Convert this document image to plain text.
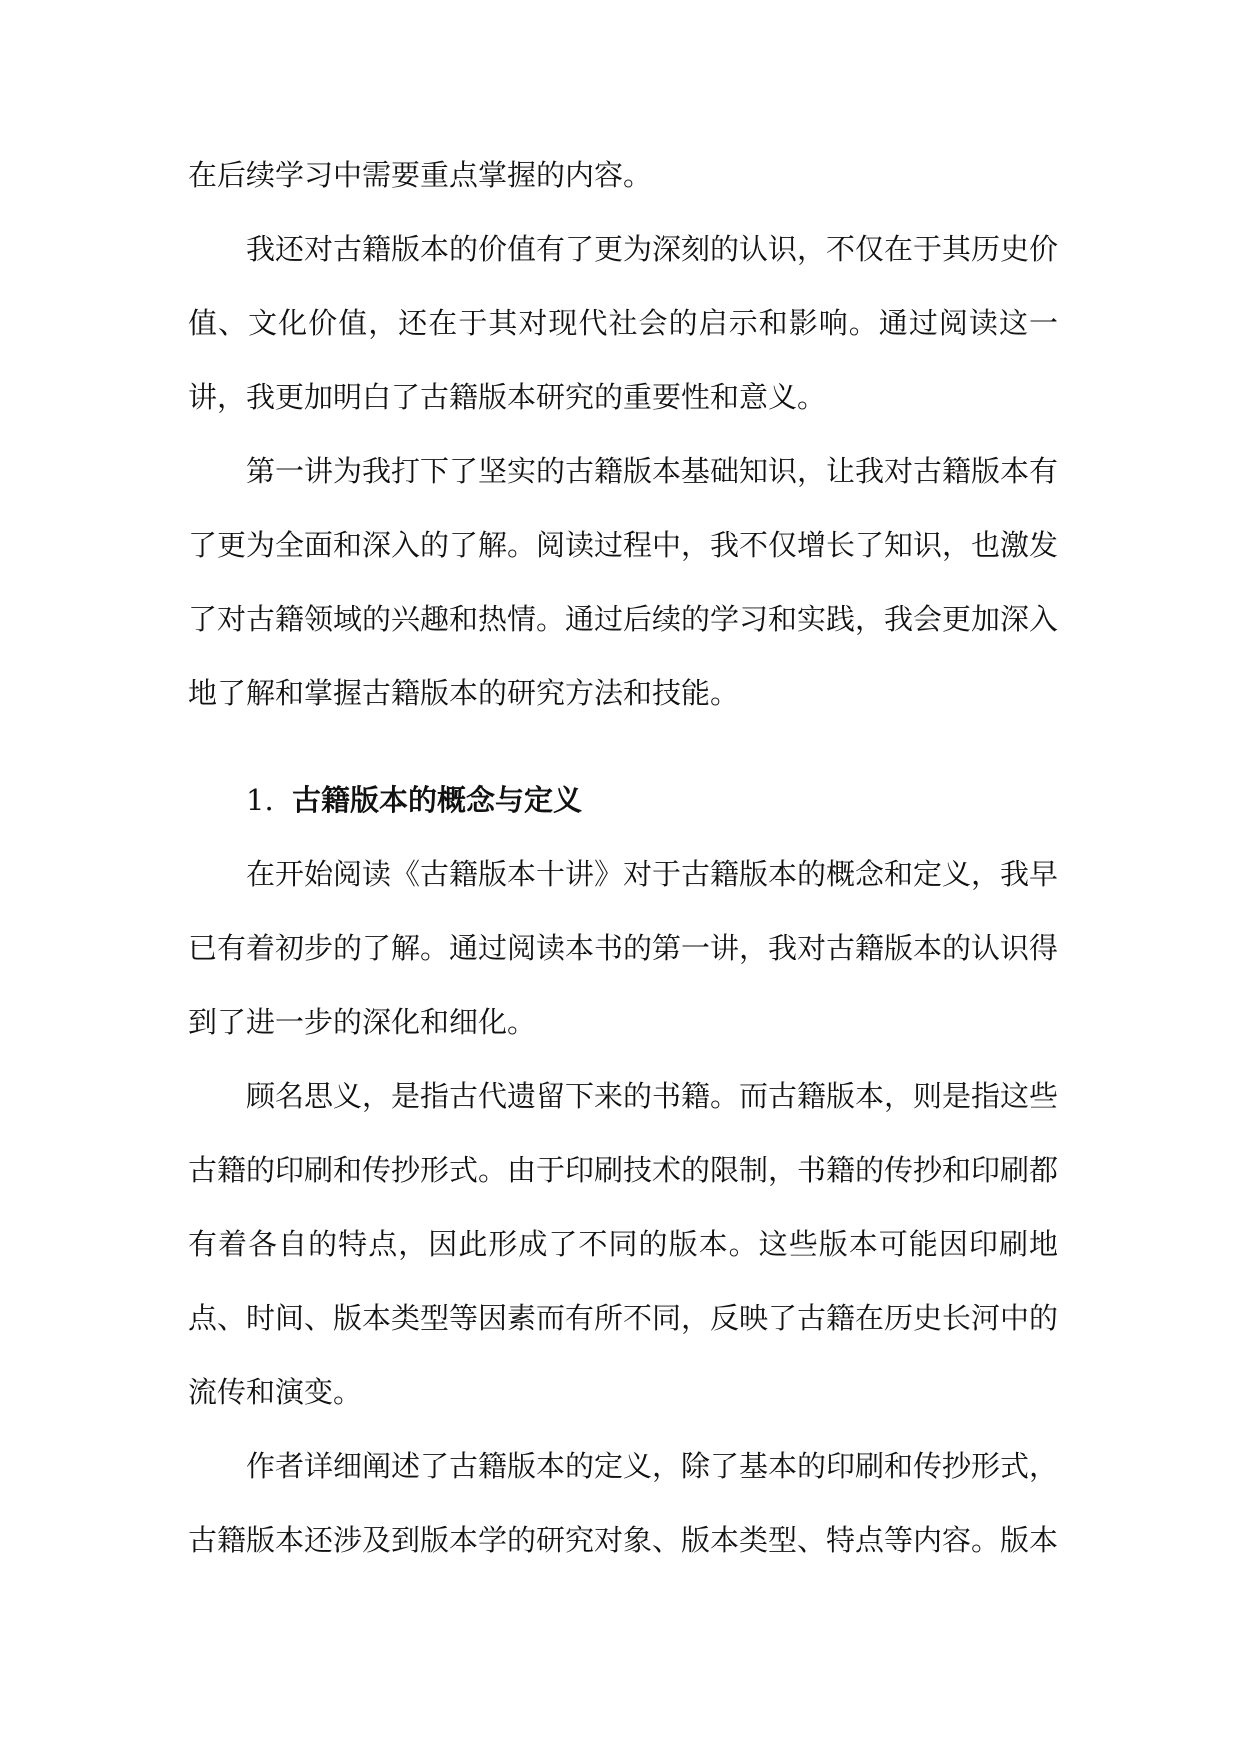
在后续学习中需要重点掌握的内容。

我还对古籍版本的价值有了更为深刻的认识，不仅在于其历史价值、文化价值，还在于其对现代社会的启示和影响。通过阅读这一讲，我更加明白了古籍版本研究的重要性和意义。

第一讲为我打下了坚实的古籍版本基础知识，让我对古籍版本有了更为全面和深入的了解。阅读过程中，我不仅增长了知识，也激发了对古籍领域的兴趣和热情。通过后续的学习和实践，我会更加深入地了解和掌握古籍版本的研究方法和技能。

1. 古籍版本的概念与定义

在开始阅读《古籍版本十讲》对于古籍版本的概念和定义，我早已有着初步的了解。通过阅读本书的第一讲，我对古籍版本的认识得到了进一步的深化和细化。

顾名思义，是指古代遗留下来的书籍。而古籍版本，则是指这些古籍的印刷和传抄形式。由于印刷技术的限制，书籍的传抄和印刷都有着各自的特点，因此形成了不同的版本。这些版本可能因印刷地点、时间、版本类型等因素而有所不同，反映了古籍在历史长河中的流传和演变。

作者详细阐述了古籍版本的定义，除了基本的印刷和传抄形式，古籍版本还涉及到版本学的研究对象、版本类型、特点等内容。版本
